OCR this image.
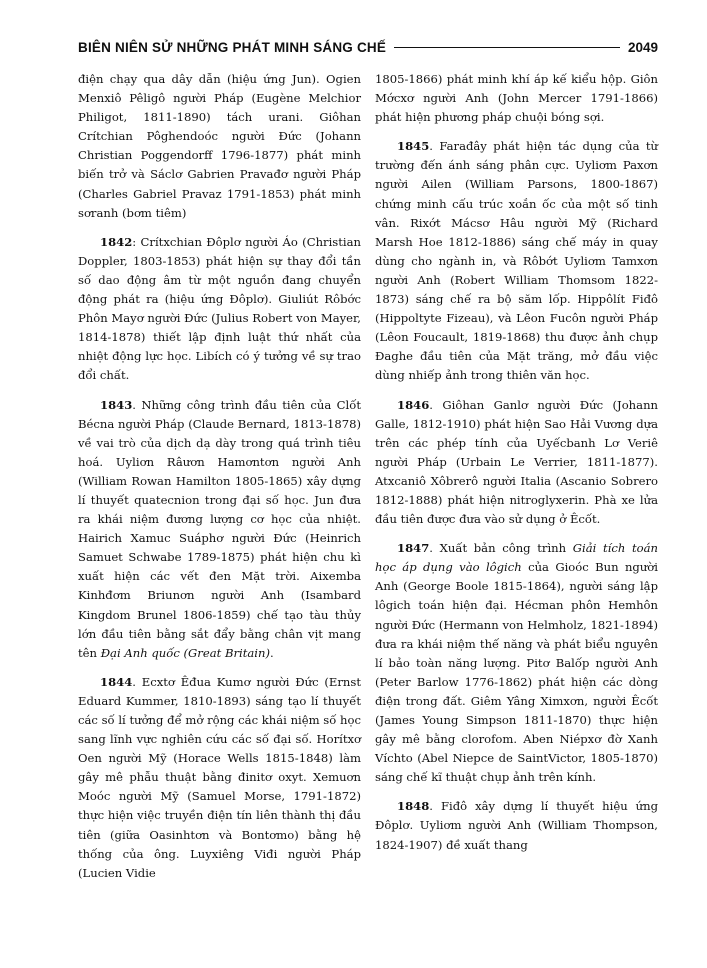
BIÊN NIÊN SỬ NHỮNG PHÁT MINH SÁNG CHẾ	2049

điện chạy qua dây dẫn (hiệu ứng Jun). Ogien Menxiô Pêligô người Pháp (Eugène Melchior Philigot, 1811-1890) tách urani. Giôhan Crítchian Pôghendoóc người Đức (Johann Christian Poggendorff 1796-1877) phát minh biến trở và Sáclơ Gabrien Pravađơ người Pháp (Charles Gabriel Pravaz 1791-1853) phát minh sơranh (bơm tiêm)

1842: Crítxchian Đôplơ người Áo (Christian Doppler, 1803-1853) phát hiện sự thay đổi tần số dao động âm từ một nguồn đang chuyển động phát ra (hiệu ứng Đôplơ). Giuliút Rôbớc Phôn Mayơ người Đức (Julius Robert von Mayer, 1814-1878) thiết lập định luật thứ nhất của nhiệt động lực học. Libích có ý tưởng về sự trao đổi chất.

1843. Những công trình đầu tiên của Clốt Bécna người Pháp (Claude Bernard, 1813-1878) về vai trò của dịch dạ dày trong quá trình tiêu hoá. Uyliơn Râươn Hamơntơn người Anh (William Rowan Hamilton 1805-1865) xây dựng lí thuyết quatecnion trong đại số học. Jun đưa ra khái niệm đương lượng cơ học của nhiệt. Hairich Xamuc Suáphơ người Đức (Heinrich Samuet Schwabe 1789-1875) phát hiện chu kì xuất hiện các vết đen Mặt trời. Aixemba Kinhđơm Briunơn người Anh (Isambard Kingdom Brunel 1806-1859) chế tạo tàu thủy lớn đầu tiên bằng sắt đẩy bằng chân vịt mang tên Đại Anh quốc (Great Britain).

1844. Ecxtơ Êđua Kumơ người Đức (Ernst Eduard Kummer, 1810-1893) sáng tạo lí thuyết các số lí tưởng để mở rộng các khái niệm số học sang lĩnh vực nghiên cứu các số đại số. Horítxơ Oen người Mỹ (Horace Wells 1815-1848) làm gây mê phẫu thuật bằng đinitơ oxyt. Xemuơn Moóc người Mỹ (Samuel Morse, 1791-1872) thực hiện việc truyền điện tín liên thành thị đầu tiên (giữa Oasinhtơn và Bontơmo) bằng hệ thống của ông. Luyxiêng Viđi người Pháp (Lucien Vidie

1805-1866) phát minh khí áp kế kiểu hộp. Giôn Mớcxơ người Anh (John Mercer 1791-1866) phát hiện phương pháp chuội bóng sợi.

1845. Farađây phát hiện tác dụng của từ trường đến ánh sáng phân cực. Uyliơm Paxơn người Ailen (William Parsons, 1800-1867) chứng minh cấu trúc xoắn ốc của một số tinh vân. Rixớt Mácsơ Hâu người Mỹ (Richard Marsh Hoe 1812-1886) sáng chế máy in quay dùng cho ngành in, và Rôbớt Uyliơm Tamxơn người Anh (Robert William Thomsom 1822-1873) sáng chế ra bộ săm lốp. Hippôlít Fiđô (Hippoltyte Fizeau), và Lêon Fucôn người Pháp (Lêon Foucault, 1819-1868) thu được ảnh chụp Đaghe đầu tiên của Mặt trăng, mở đầu việc dùng nhiếp ảnh trong thiên văn học.

1846. Giôhan Ganlơ người Đức (Johann Galle, 1812-1910) phát hiện Sao Hải Vương dựa trên các phép tính của Uyếcbanh Lơ Veriê người Pháp (Urbain Le Verrier, 1811-1877). Atxcaniô Xôbrerô người Italia (Ascanio Sobrero 1812-1888) phát hiện nitroglyxerin. Phà xe lửa đầu tiên được đưa vào sử dụng ở Êcốt.

1847. Xuất bản công trình Giải tích toán học áp dụng vào lôgich của Gioóc Bun người Anh (George Boole 1815-1864), người sáng lập lôgich toán hiện đại. Hécman phôn Hemhôn người Đức (Hermann von Helmholz, 1821-1894) đưa ra khái niệm thế năng và phát biểu nguyên lí bảo toàn năng lượng. Pitơ Balốp người Anh (Peter Barlow 1776-1862) phát hiện các dòng điện trong đất. Giêm Yâng Ximxơn, người Êcốt (James Young Simpson 1811-1870) thực hiện gây mê bằng clorofom. Aben Niépxơ đờ Xanh Víchto (Abel Niepce de SaintVictor, 1805-1870) sáng chế kĩ thuật chụp ảnh trên kính.

1848. Fiđô xây dựng lí thuyết hiệu ứng Đôplơ. Uyliơm người Anh (William Thompson, 1824-1907) đề xuất thang
